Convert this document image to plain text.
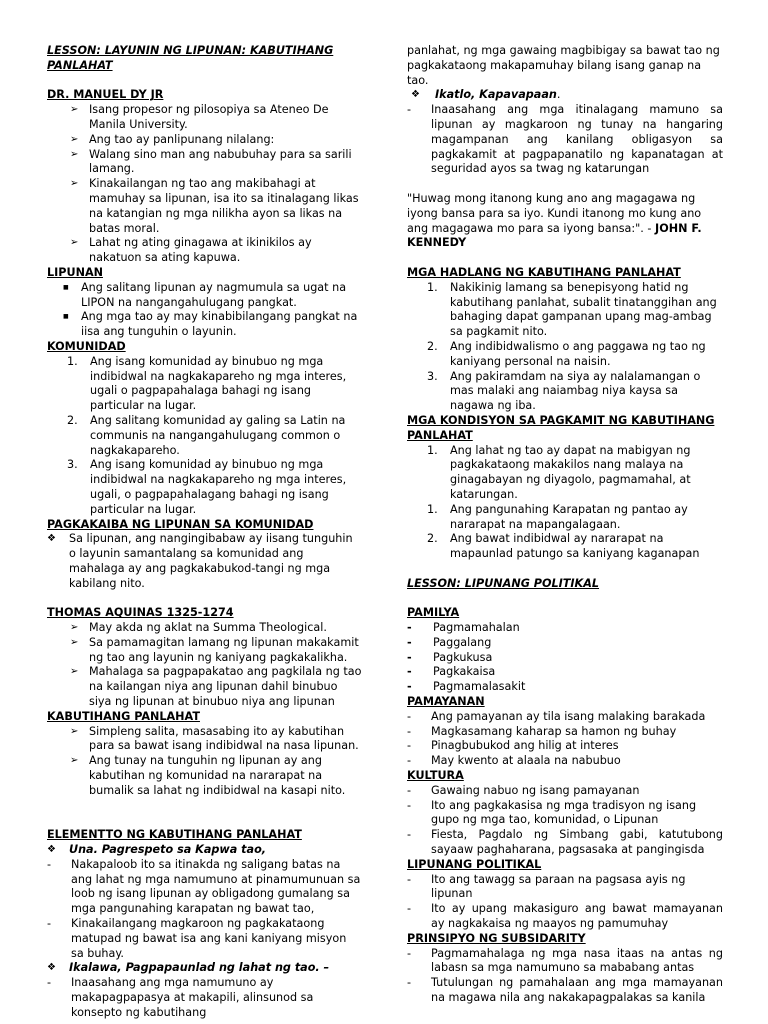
LESSON: LAYUNIN NG LIPUNAN: KABUTIHANG PANLAHAT

DR. MANUEL DY JR

➢ Isang propesor ng pilosopiya sa Ateneo De Manila University.
➢ Ang tao ay panlipunang nilalang:
➢ Walang sino man ang nabubuhay para sa sarili lamang.
➢ Kinakailangan ng tao ang makibahagi at mamuhay sa lipunan, isa ito sa itinalagang likas na katangian ng mga nilikha ayon sa likas na batas moral.
➢ Lahat ng ating ginagawa at ikinikilos ay nakatuon sa ating kapuwa.

LIPUNAN

■	Ang salitang lipunan ay nagmumula sa ugat na LIPON na nangangahulugang pangkat.
■	Ang mga tao ay may kinabibilangang pangkat na iisa ang tunguhin o layunin.

KOMUNIDAD

1.	Ang isang komunidad ay binubuo ng mga indibidwal na nagkakapareho ng mga interes, ugali o pagpapahalaga bahagi ng isang particular na lugar.
2.	Ang salitang komunidad ay galing sa Latin na communis na nangangahulugang common o nagkakapareho.
3.	Ang isang komunidad ay binubuo ng mga indibidwal na nagkakapareho ng mga interes, ugali, o pagpapahalagang bahagi ng isang particular na lugar.

PAGKAKAIBA NG LIPUNAN SA KOMUNIDAD

❖	Sa lipunan, ang nangingibabaw ay iisang tunguhin o layunin samantalang sa komunidad ang mahalaga ay ang pagkakabukod-tangi ng mga kabilang nito.

THOMAS AQUINAS 1325-1274

➢ May akda ng aklat na Summa Theological.
➢ Sa pamamagitan lamang ng lipunan makakamit ng tao ang layunin ng kaniyang pagkakalikha.
➢ Mahalaga sa pagpapakatao ang pagkilala ng tao na kailangan niya ang lipunan dahil binubuo siya ng lipunan at binubuo niya ang lipunan

KABUTIHANG PANLAHAT

➢ Simpleng salita, masasabing ito ay kabutihan para sa bawat isang indibidwal na nasa lipunan.
➢ Ang tunay na tunguhin ng lipunan ay ang kabutihan ng komunidad na nararapat na bumalik sa lahat ng indibidwal na kasapi nito.

ELEMENTTO NG KABUTIHANG PANLAHAT

❖	Una. Pagrespeto sa Kapwa tao,
-	Nakapaloob ito sa itinakda ng saligang batas na ang lahat ng mga namumuno at pinamumunuan sa loob ng isang lipunan ay obligadong gumalang sa mga pangunahing karapatan ng bawat tao,
-	Kinakailangang magkaroon ng pagkakataong matupad ng bawat isa ang kani kaniyang misyon sa buhay.
❖	Ikalawa, Pagpapaunlad ng lahat ng tao. –
-	Inaasahang ang mga namumuno ay makapagpapasya at makapili, alinsunod sa konsepto ng kabutihang

panlahat, ng mga gawaing magbibigay sa bawat tao ng pagkakataong makapamuhay bilang isang ganap na tao.

❖	Ikatlo, Kapavapaan.
-	Inaasahang ang mga itinalagang mamuno sa lipunan ay magkaroon ng tunay na hangaring magampanan ang kanilang obligasyon sa pagkakamit at pagpapanatilo ng kapanatagan at seguridad ayos sa twag ng katarungan

"Huwag mong itanong kung ano ang magagawa ng iyong bansa para sa iyo. Kundi itanong mo kung ano ang magagawa mo para sa iyong bansa:". - JOHN F. KENNEDY

MGA HADLANG NG KABUTIHANG PANLAHAT

1.	Nakikinig lamang sa benepisyong hatid ng kabutihang panlahat, subalit tinatanggihan ang bahaging dapat gampanan upang mag-ambag sa pagkamit nito.
2.	Ang indibidwalismo o ang paggawa ng tao ng kaniyang personal na naisin.
3.	Ang pakiramdam na siya ay nalalamangan o mas malaki ang naiambag niya kaysa sa nagawa ng iba.

MGA KONDISYON SA PAGKAMIT NG KABUTIHANG

PANLAHAT

1.	Ang lahat ng tao ay dapat na mabigyan ng pagkakataong makakilos nang malaya na ginagabayan ng diyagolo, pagmamahal, at katarungan.
1.	Ang pangunahing Karapatan ng pantao ay nararapat na mapangalagaan.
2.	Ang bawat indibidwal ay nararapat na mapaunlad patungo sa kaniyang kaganapan

LESSON: LIPUNANG POLITIKAL

PAMILYA

-	Pagmamahalan
-	Paggalang
-	Pagkukusa
-	Pagkakaisa
-	Pagmamalasakit

PAMAYANAN

-	Ang pamayanan ay tila isang malaking barakada
-	Magkasamang kaharap sa hamon ng buhay
-	Pinagbubukod ang hilig at interes
-	May kwento at alaala na nabubuo

KULTURA

-	Gawaing nabuo ng isang pamayanan
-	Ito ang pagkakasisa ng mga tradisyon ng isang gupo ng mga tao, komunidad, o Lipunan
-	Fiesta, Pagdalo ng Simbang gabi, katutubong sayaaw paghaharana, pagsasaka at pangingisda

LIPUNANG POLITIKAL

-	Ito ang tawagg sa paraan na pagsasa ayis ng lipunan
-	Ito ay upang makasiguro ang bawat mamayanan ay nagkakaisa ng maayos ng pamumuhay

PRINSIPYO NG SUBSIDARITY

-	Pagmamahalaga ng mga nasa itaas na antas ng labasn sa mga namumuno sa mababang antas
-	Tutulungan ng pamahalaan ang mga mamayanan na magawa nila ang nakakapagpalakas sa kanila
